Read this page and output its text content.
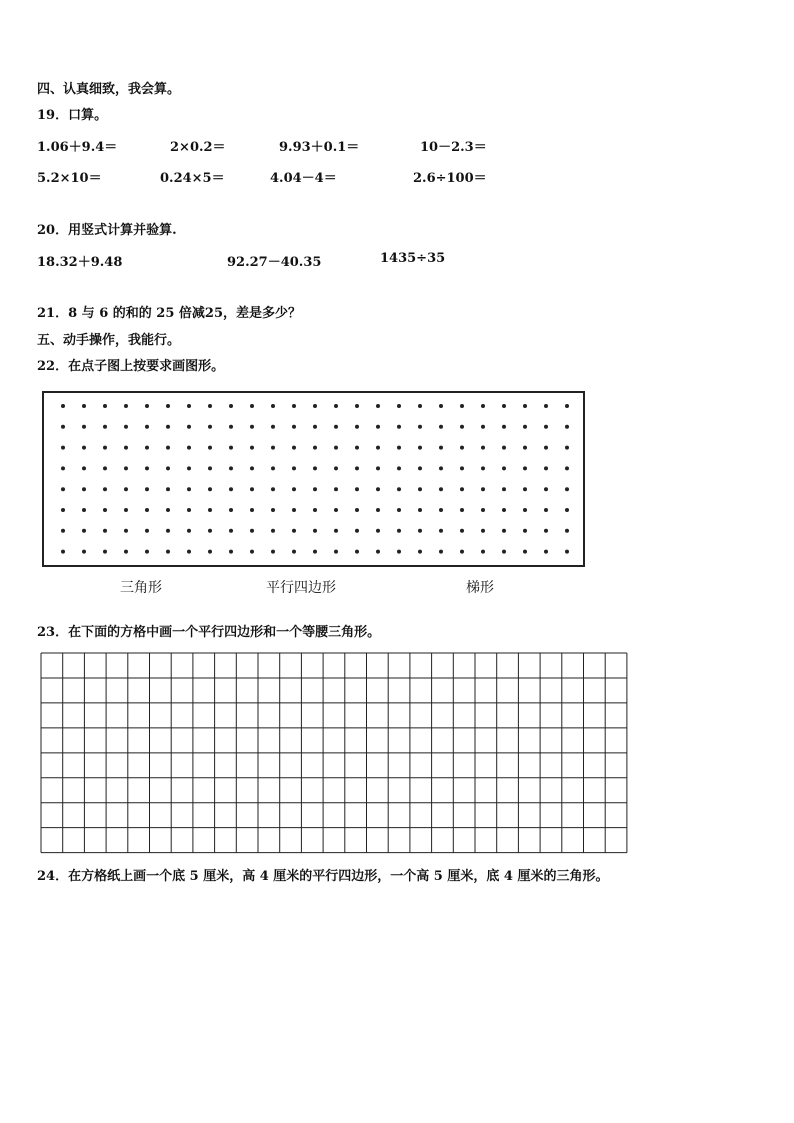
四、认真细致，我会算。
19．口算。
1.06＋9.4＝	2×0.2＝	9.93＋0.1＝	10－2.3＝
5.2×10＝	0.24×5＝	4.04－4＝	2.6÷100＝
20．用竖式计算并验算.
18.32＋9.48	92.27－40.35	1435÷35
21．8 与 6 的和的 25 倍减25，差是多少？
五、动手操作，我能行。
22．在点子图上按要求画图形。
三角形	平行四边形	梯形
23．在下面的方格中画一个平行四边形和一个等腰三角形。
24．在方格纸上画一个底 5 厘米，高 4 厘米的平行四边形，一个高 5 厘米，底 4 厘米的三角形。
